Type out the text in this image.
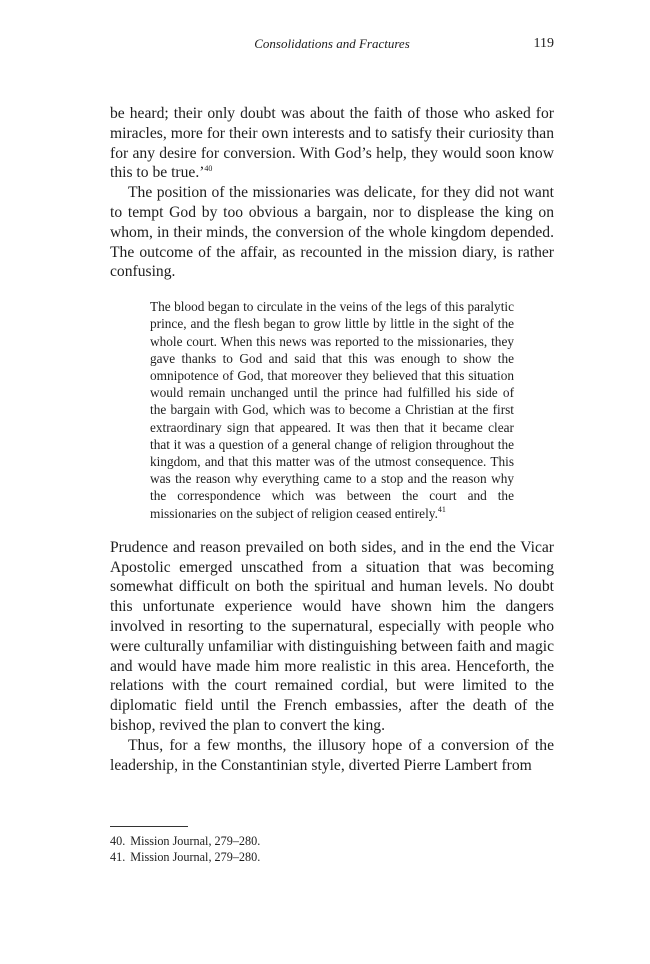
Consolidations and Fractures	119

be heard; their only doubt was about the faith of those who asked for miracles, more for their own interests and to satisfy their curiosity than for any desire for conversion. With God’s help, they would soon know this to be true.’$^{40}$

The position of the missionaries was delicate, for they did not want to tempt God by too obvious a bargain, nor to displease the king on whom, in their minds, the conversion of the whole kingdom depended. The outcome of the affair, as recounted in the mission diary, is rather confusing.

The blood began to circulate in the veins of the legs of this paralytic prince, and the flesh began to grow little by little in the sight of the whole court. When this news was reported to the missionaries, they gave thanks to God and said that this was enough to show the omnipotence of God, that moreover they believed that this situation would remain unchanged until the prince had fulfilled his side of the bargain with God, which was to become a Christian at the first extraordinary sign that appeared. It was then that it became clear that it was a question of a general change of religion throughout the kingdom, and that this matter was of the utmost consequence. This was the reason why everything came to a stop and the reason why the correspondence which was between the court and the missionaries on the subject of religion ceased entirely.$^{41}$

Prudence and reason prevailed on both sides, and in the end the Vicar Apostolic emerged unscathed from a situation that was becoming somewhat difficult on both the spiritual and human levels. No doubt this unfortunate experience would have shown him the dangers involved in resorting to the supernatural, especially with people who were culturally unfamiliar with distinguishing between faith and magic and would have made him more realistic in this area. Henceforth, the relations with the court remained cordial, but were limited to the diplomatic field until the French embassies, after the death of the bishop, revived the plan to convert the king.

Thus, for a few months, the illusory hope of a conversion of the leadership, in the Constantinian style, diverted Pierre Lambert from

40. Mission Journal, 279–280.
41. Mission Journal, 279–280.
